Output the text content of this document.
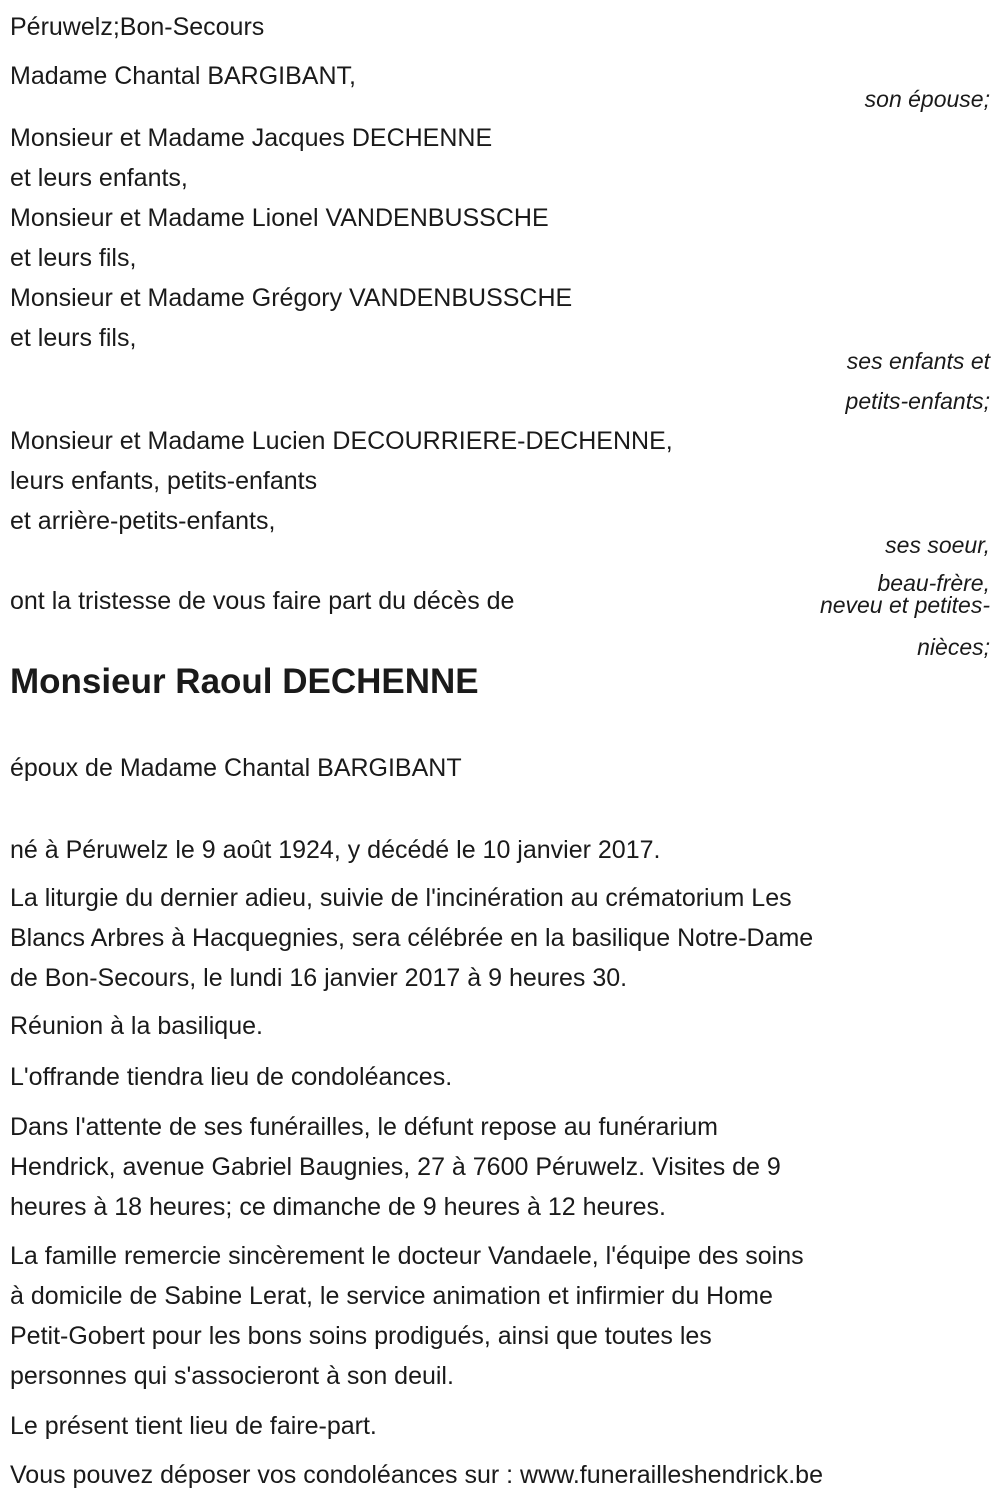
Péruwelz;Bon-Secours
Madame Chantal BARGIBANT,
son épouse;
Monsieur et Madame Jacques DECHENNE
et leurs enfants,
Monsieur et Madame Lionel VANDENBUSSCHE
et leurs fils,
Monsieur et Madame Grégory VANDENBUSSCHE
et leurs fils,
ses enfants et
petits-enfants;
Monsieur et Madame Lucien DECOURRIERE-DECHENNE,
leurs enfants, petits-enfants
et arrière-petits-enfants,
ses soeur,
ont la tristesse de vous faire part du décès de
beau-frère,
neveu et petites-
nièces;
Monsieur Raoul DECHENNE
époux de Madame Chantal BARGIBANT
né à Péruwelz le 9 août 1924, y décédé le 10 janvier 2017.
La liturgie du dernier adieu, suivie de l'incinération au crématorium Les
Blancs Arbres à Hacquegnies, sera célébrée en la basilique Notre-Dame
de Bon-Secours, le lundi 16 janvier 2017 à 9 heures 30.
Réunion à la basilique.
L'offrande tiendra lieu de condoléances.
Dans l'attente de ses funérailles, le défunt repose au funérarium
Hendrick, avenue Gabriel Baugnies, 27 à 7600 Péruwelz. Visites de 9
heures à 18 heures; ce dimanche de 9 heures à 12 heures.
La famille remercie sincèrement le docteur Vandaele, l'équipe des soins
à domicile de Sabine Lerat, le service animation et infirmier du Home
Petit-Gobert pour les bons soins prodigués, ainsi que toutes les
personnes qui s'associeront à son deuil.
Le présent tient lieu de faire-part.
Vous pouvez déposer vos condoléances sur : www.funerailleshendrick.be
